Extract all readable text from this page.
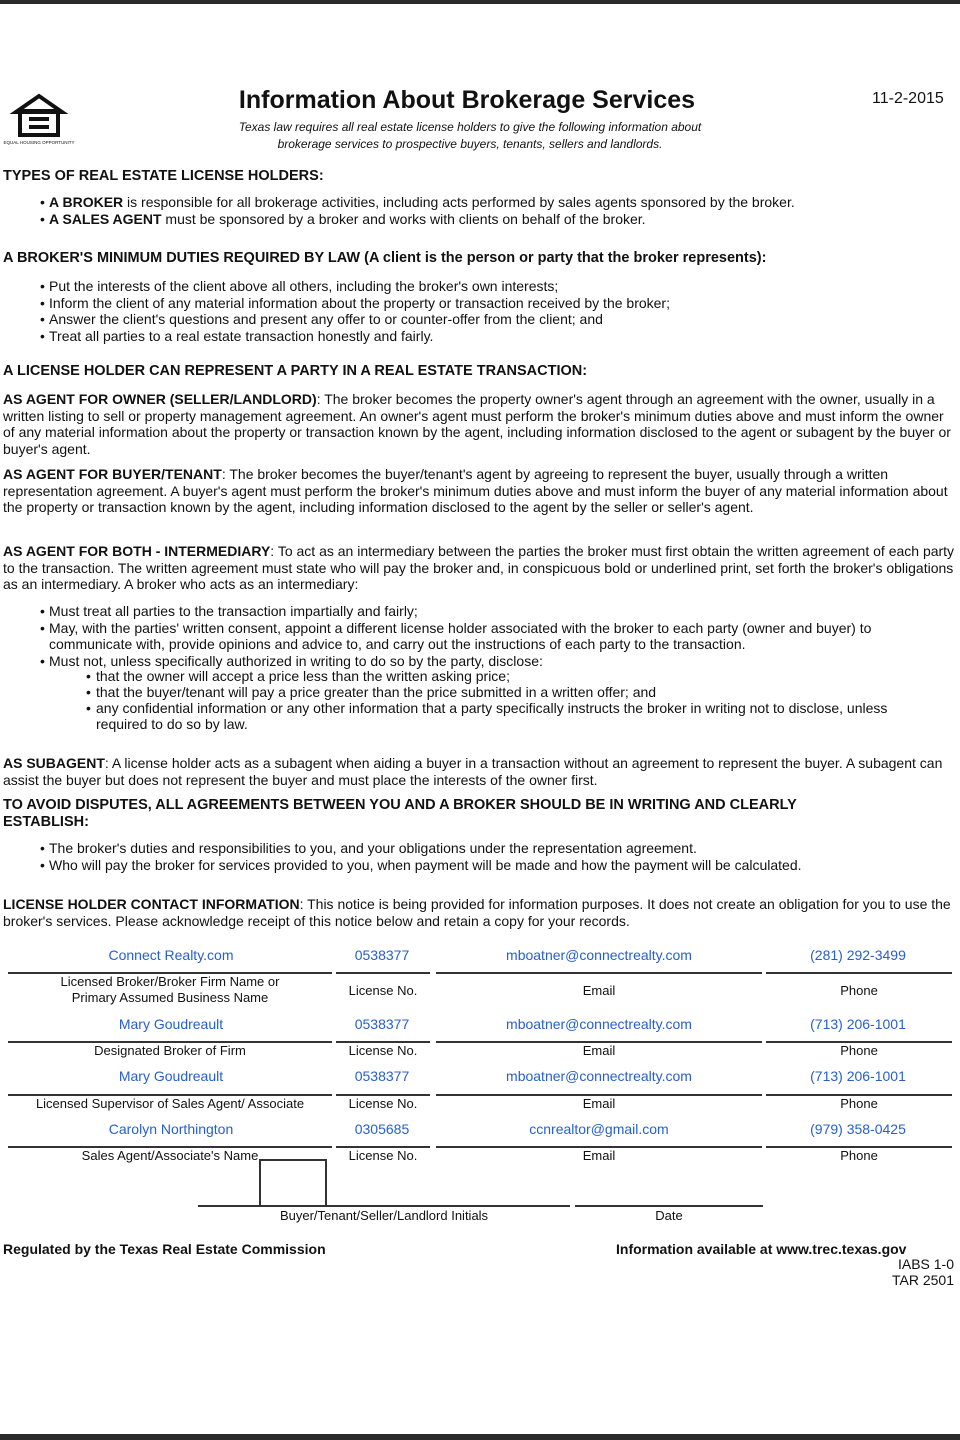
EQUAL HOUSING OPPORTUNITY
Information About Brokerage Services	11-2-2015
Texas law requires all real estate license holders to give the following information about
brokerage services to prospective buyers, tenants, sellers and landlords.
TYPES OF REAL ESTATE LICENSE HOLDERS:
• A BROKER is responsible for all brokerage activities, including acts performed by sales agents sponsored by the broker.
• A SALES AGENT must be sponsored by a broker and works with clients on behalf of the broker.
A BROKER'S MINIMUM DUTIES REQUIRED BY LAW (A client is the person or party that the broker represents):
• Put the interests of the client above all others, including the broker's own interests;
• Inform the client of any material information about the property or transaction received by the broker;
• Answer the client's questions and present any offer to or counter-offer from the client; and
• Treat all parties to a real estate transaction honestly and fairly.
A LICENSE HOLDER CAN REPRESENT A PARTY IN A REAL ESTATE TRANSACTION:
AS AGENT FOR OWNER (SELLER/LANDLORD): The broker becomes the property owner's agent through an agreement with the owner, usually in a written listing to sell or property management agreement. An owner's agent must perform the broker's minimum duties above and must inform the owner of any material information about the property or transaction known by the agent, including information disclosed to the agent or subagent by the buyer or buyer's agent.
AS AGENT FOR BUYER/TENANT: The broker becomes the buyer/tenant's agent by agreeing to represent the buyer, usually through a written representation agreement. A buyer's agent must perform the broker's minimum duties above and must inform the buyer of any material information about the property or transaction known by the agent, including information disclosed to the agent by the seller or seller's agent.
AS AGENT FOR BOTH - INTERMEDIARY: To act as an intermediary between the parties the broker must first obtain the written agreement of each party to the transaction. The written agreement must state who will pay the broker and, in conspicuous bold or underlined print, set forth the broker's obligations as an intermediary. A broker who acts as an intermediary:
• Must treat all parties to the transaction impartially and fairly;
• May, with the parties' written consent, appoint a different license holder associated with the broker to each party (owner and buyer) to communicate with, provide opinions and advice to, and carry out the instructions of each party to the transaction.
• Must not, unless specifically authorized in writing to do so by the party, disclose:
• that the owner will accept a price less than the written asking price;
• that the buyer/tenant will pay a price greater than the price submitted in a written offer; and
• any confidential information or any other information that a party specifically instructs the broker in writing not to disclose, unless required to do so by law.
AS SUBAGENT: A license holder acts as a subagent when aiding a buyer in a transaction without an agreement to represent the buyer. A subagent can assist the buyer but does not represent the buyer and must place the interests of the owner first.
TO AVOID DISPUTES, ALL AGREEMENTS BETWEEN YOU AND A BROKER SHOULD BE IN WRITING AND CLEARLY
ESTABLISH:
• The broker's duties and responsibilities to you, and your obligations under the representation agreement.
• Who will pay the broker for services provided to you, when payment will be made and how the payment will be calculated.
LICENSE HOLDER CONTACT INFORMATION: This notice is being provided for information purposes. It does not create an obligation for you to use the broker's services. Please acknowledge receipt of this notice below and retain a copy for your records.
Connect Realty.com	0538377	mboatner@connectrealty.com	(281) 292-3499
Licensed Broker/Broker Firm Name or Primary Assumed Business Name	License No.	Email	Phone
Mary Goudreault	0538377	mboatner@connectrealty.com	(713) 206-1001
Designated Broker of Firm	License No.	Email	Phone
Mary Goudreault	0538377	mboatner@connectrealty.com	(713) 206-1001
Licensed Supervisor of Sales Agent/ Associate	License No.	Email	Phone
Carolyn Northington	0305685	ccnrealtor@gmail.com	(979) 358-0425
Sales Agent/Associate's Name	License No.	Email	Phone
Buyer/Tenant/Seller/Landlord Initials	Date
Regulated by the Texas Real Estate Commission	Information available at www.trec.texas.gov
IABS 1-0
TAR 2501
